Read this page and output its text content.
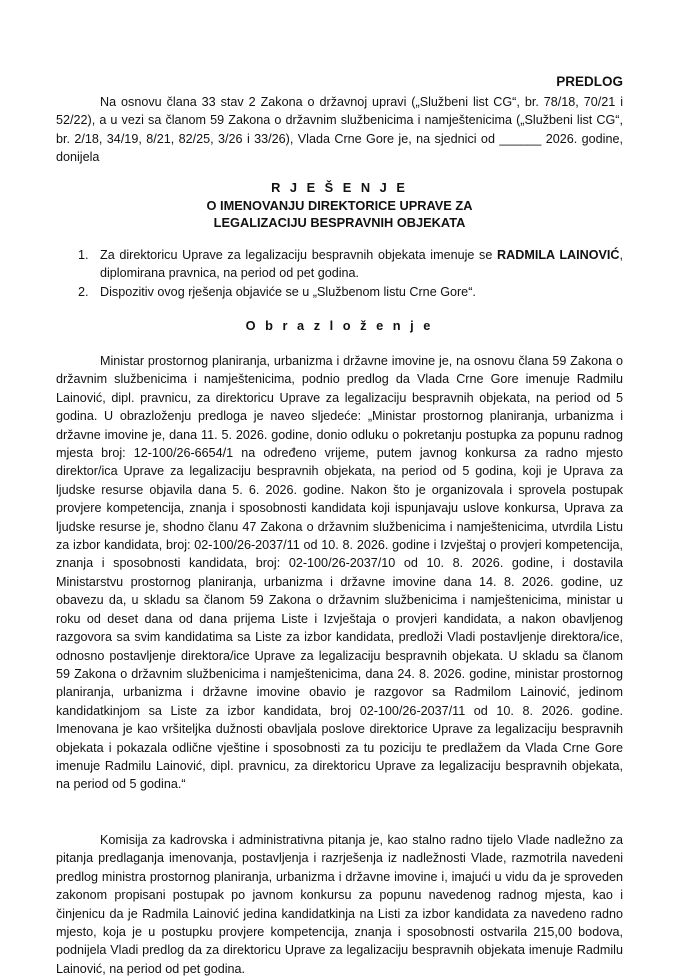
PREDLOG
Na osnovu člana 33 stav 2 Zakona o državnoj upravi („Službeni list CG“, br. 78/18, 70/21 i 52/22), a u vezi sa članom 59 Zakona o državnim službenicima i namještenicima („Službeni list CG“, br. 2/18, 34/19, 8/21, 82/25, 3/26 i 33/26), Vlada Crne Gore je, na sjednici od ______ 2026. godine, donijela
R J E Š E N J E
O IMENOVANJU DIREKTORICE UPRAVE ZA
LEGALIZACIJU BESPRAVNIH OBJEKATA
1. Za direktoricu Uprave za legalizaciju bespravnih objekata imenuje se RADMILA LAINOVIĆ, diplomirana pravnica, na period od pet godina.
2. Dispozitiv ovog rješenja objaviće se u „Službenom listu Crne Gore“.
O b r a z l o ž e n j e
Ministar prostornog planiranja, urbanizma i državne imovine je, na osnovu člana 59 Zakona o državnim službenicima i namještenicima, podnio predlog da Vlada Crne Gore imenuje Radmilu Lainović, dipl. pravnicu, za direktoricu Uprave za legalizaciju bespravnih objekata, na period od 5 godina. U obrazloženju predloga je naveo sljedeće: „Ministar prostornog planiranja, urbanizma i državne imovine je, dana 11. 5. 2026. godine, donio odluku o pokretanju postupka za popunu radnog mjesta broj: 12-100/26-6654/1 na određeno vrijeme, putem javnog konkursa za radno mjesto direktor/ica Uprave za legalizaciju bespravnih objekata, na period od 5 godina, koji je Uprava za ljudske resurse objavila dana 5. 6. 2026. godine. Nakon što je organizovala i sprovela postupak provjere kompetencija, znanja i sposobnosti kandidata koji ispunjavaju uslove konkursa, Uprava za ljudske resurse je, shodno članu 47 Zakona o državnim službenicima i namještenicima, utvrdila Listu za izbor kandidata, broj: 02-100/26-2037/11 od 10. 8. 2026. godine i Izvještaj o provjeri kompetencija, znanja i sposobnosti kandidata, broj: 02-100/26-2037/10 od 10. 8. 2026. godine, i dostavila Ministarstvu prostornog planiranja, urbanizma i državne imovine dana 14. 8. 2026. godine, uz obavezu da, u skladu sa članom 59 Zakona o državnim službenicima i namještenicima, ministar u roku od deset dana od dana prijema Liste i Izvještaja o provjeri kandidata, a nakon obavljenog razgovora sa svim kandidatima sa Liste za izbor kandidata, predloži Vladi postavljenje direktora/ice, odnosno postavljenje direktora/ice Uprave za legalizaciju bespravnih objekata. U skladu sa članom 59 Zakona o državnim službenicima i namještenicima, dana 24. 8. 2026. godine, ministar prostornog planiranja, urbanizma i državne imovine obavio je razgovor sa Radmilom Lainović, jedinom kandidatkinjom sa Liste za izbor kandidata, broj 02-100/26-2037/11 od 10. 8. 2026. godine. Imenovana je kao vršiteljka dužnosti obavljala poslove direktorice Uprave za legalizaciju bespravnih objekata i pokazala odlične vještine i sposobnosti za tu poziciju te predlažem da Vlada Crne Gore imenuje Radmilu Lainović, dipl. pravnicu, za direktoricu Uprave za legalizaciju bespravnih objekata, na period od 5 godina.“
Komisija za kadrovska i administrativna pitanja je, kao stalno radno tijelo Vlade nadležno za pitanja predlaganja imenovanja, postavljenja i razrješenja iz nadležnosti Vlade, razmotrila navedeni predlog ministra prostornog planiranja, urbanizma i državne imovine i, imajući u vidu da je sproveden zakonom propisani postupak po javnom konkursu za popunu navedenog radnog mjesta, kao i činjenicu da je Radmila Lainović jedina kandidatkinja na Listi za izbor kandidata za navedeno radno mjesto, koja je u postupku provjere kompetencija, znanja i sposobnosti ostvarila 215,00 bodova, podnijela Vladi predlog da za direktoricu Uprave za legalizaciju bespravnih objekata imenuje Radmilu Lainović, na period od pet godina.
